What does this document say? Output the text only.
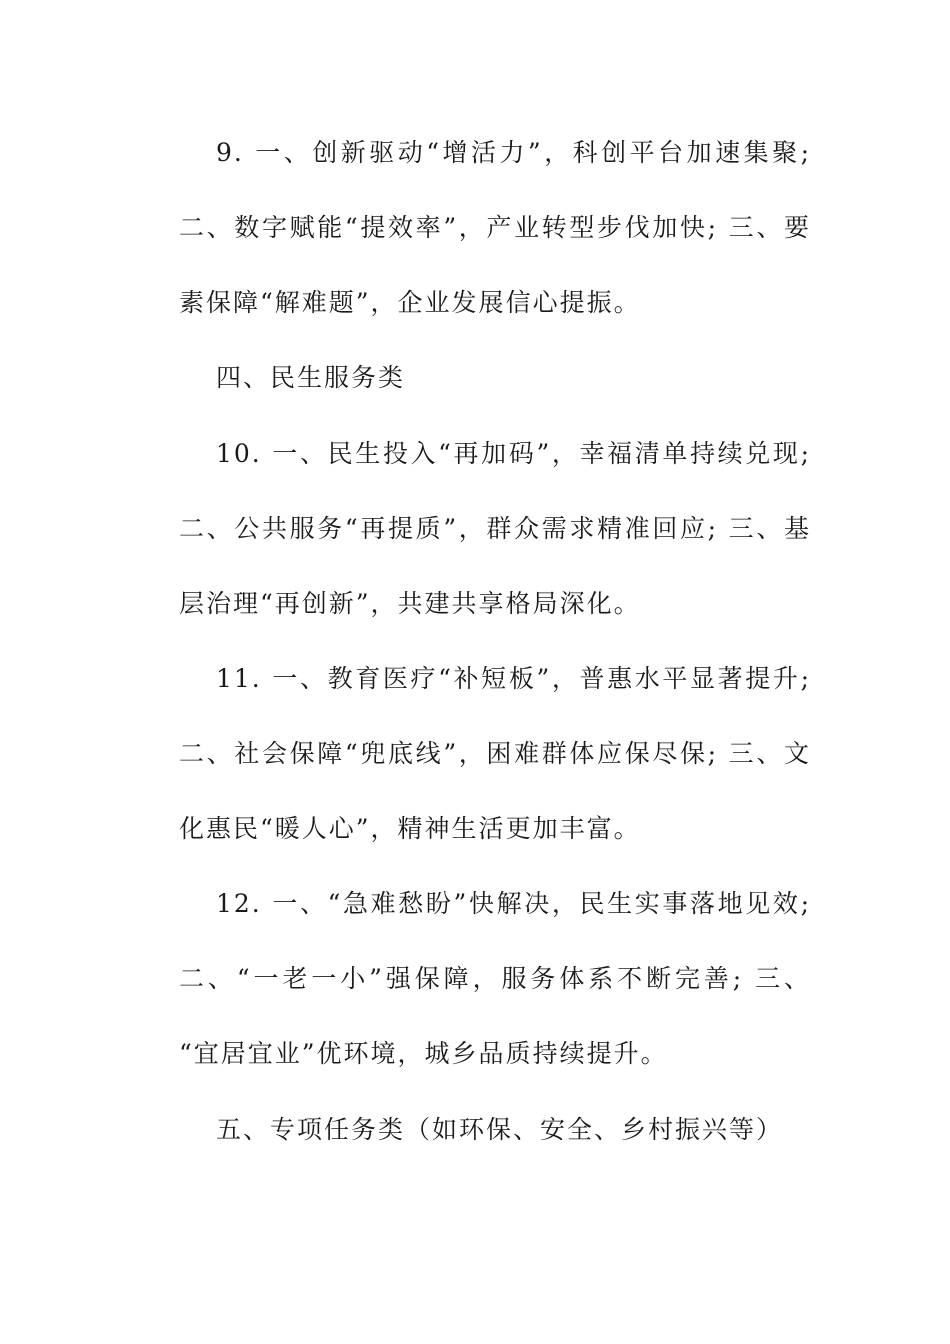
9. 一、创新驱动“增活力”，科创平台加速集聚;
二、数字赋能“提效率”，产业转型步伐加快; 三、要
素保障“解难题”，企业发展信心提振。
四、民生服务类
10. 一、民生投入“再加码”，幸福清单持续兑现;
二、公共服务“再提质”，群众需求精准回应; 三、基
层治理“再创新”，共建共享格局深化。
11. 一、教育医疗“补短板”，普惠水平显著提升;
二、社会保障“兜底线”，困难群体应保尽保; 三、文
化惠民“暖人心”，精神生活更加丰富。
12. 一、“急难愁盼”快解决，民生实事落地见效;
二、“一老一小”强保障，服务体系不断完善; 三、
“宜居宜业”优环境，城乡品质持续提升。
五、专项任务类（如环保、安全、乡村振兴等）
